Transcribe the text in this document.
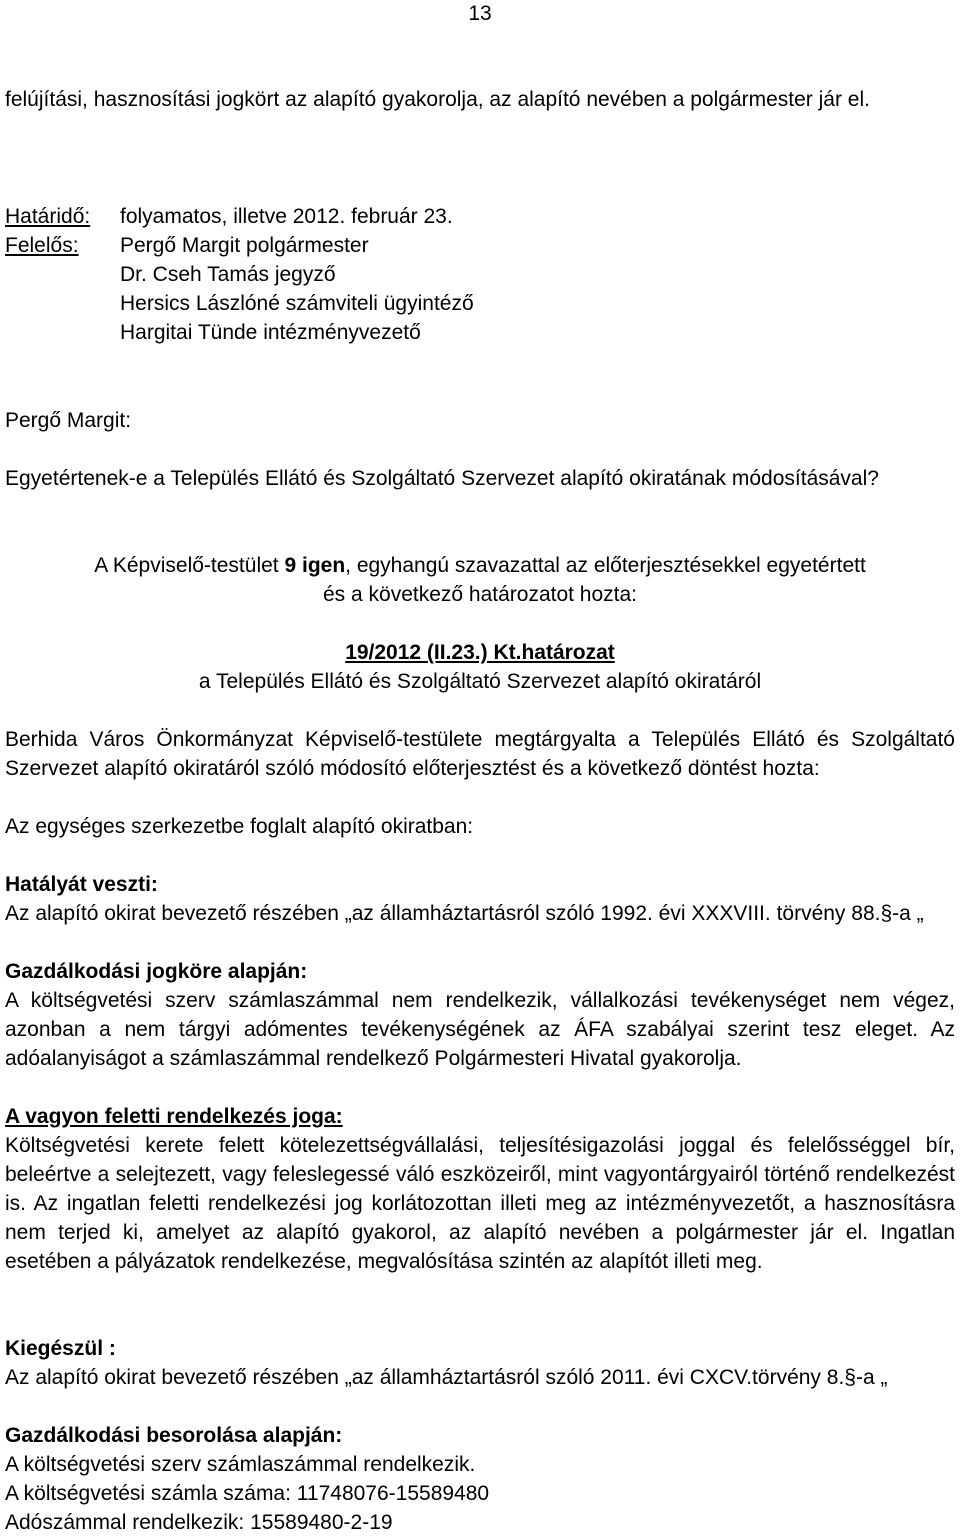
13
felújítási, hasznosítási jogkört az alapító gyakorolja, az alapító nevében a polgármester jár el.
Határidő:	folyamatos, illetve 2012. február 23.
Felelős:	Pergő Margit polgármester
Dr. Cseh Tamás jegyző
Hersics Lászlóné számviteli ügyintéző
Hargitai Tünde intézményvezető
Pergő Margit:
Egyetértenek-e a Település Ellátó és Szolgáltató Szervezet alapító okiratának módosításával?
A Képviselő-testület 9 igen, egyhangú szavazattal az előterjesztésekkel egyetértett
és a következő határozatot hozta:
19/2012 (II.23.) Kt.határozat
a Település Ellátó és Szolgáltató Szervezet alapító okiratáról
Berhida Város Önkormányzat Képviselő-testülete megtárgyalta a Település Ellátó és Szolgáltató Szervezet alapító okiratáról szóló módosító előterjesztést és a következő döntést hozta:
Az egységes szerkezetbe foglalt alapító okiratban:
Hatályát veszti:
Az alapító okirat bevezető részében „az államháztartásról szóló 1992. évi XXXVIII. törvény 88.§-a „
Gazdálkodási jogköre alapján:
A költségvetési szerv számlaszámmal nem rendelkezik, vállalkozási tevékenységet nem végez, azonban a nem tárgyi adómentes tevékenységének az ÁFA szabályai szerint tesz eleget. Az adóalanyiságot a számlaszámmal rendelkező Polgármesteri Hivatal gyakorolja.
A vagyon feletti rendelkezés joga:
Költségvetési kerete felett kötelezettségvállalási, teljesítésigazolási joggal és felelősséggel bír, beleértve a selejtezett, vagy feleslegessé váló eszközeiről, mint vagyontárgyairól történő rendelkezést is. Az ingatlan feletti rendelkezési jog korlátozottan illeti meg az intézményvezetőt, a hasznosításra nem terjed ki, amelyet az alapító gyakorol, az alapító nevében a polgármester jár el. Ingatlan esetében a pályázatok rendelkezése, megvalósítása szintén az alapítót illeti meg.
Kiegészül :
Az alapító okirat bevezető részében „az államháztartásról szóló 2011. évi CXCV.törvény 8.§-a „
Gazdálkodási besorolása alapján:
A költségvetési szerv számlaszámmal rendelkezik.
A költségvetési számla száma: 11748076-15589480
Adószámmal rendelkezik: 15589480-2-19
